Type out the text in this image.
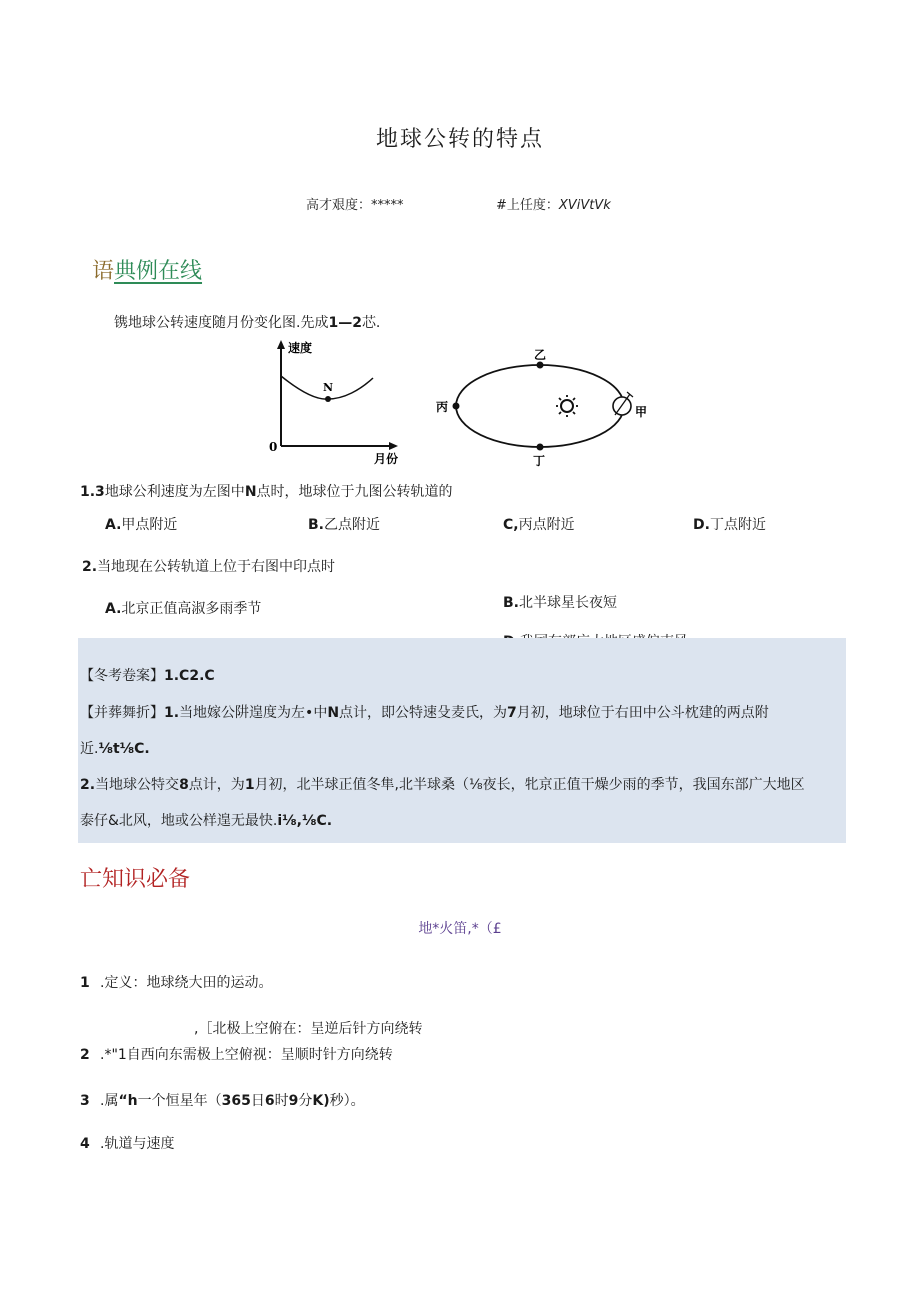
地球公转的特点
高才艰度：*****	#上任度：XViVtVk
语典例在线
镌地球公转速度随月份变化图.先成1—2芯.
速度
N
0
月份
乙
丙
丁
甲
1.3地球公利速度为左图中N点时，地球位于九图公转轨道的
A.甲点附近	B.乙点附近	C,丙点附近	D.丁点附近
2.当地现在公转轨道上位于右图中印点时
A.北京正值高淑多雨季节	B.北半球星长夜短
【冬考卷案】1.C2.C
【并葬舞折】1.当地嫁公阱遑度为左•中N点计，即公特速殳麦氏，为7月初，地球位于右田中公斗枕建的两点附
近.⅛t⅛C.
2.当地球公特交8点计，为1月初，北半球正值冬隼,北半球桑（⅛夜长，牝京正值干燥少雨的季节，我国东部广大地区
泰仔&北风，地或公样遑无最快.i⅛,⅛C.
亡知识必备
地*火笛,*（£
1 .定义：地球绕大田的运动。
,［北极上空俯在：呈逆后针方向绕转
2 .*"1自西向东需极上空俯视：呈顺时针方向绕转
3 .属“h一个恒星年（365日6时9分K)秒）。
4 .轨道与速度
